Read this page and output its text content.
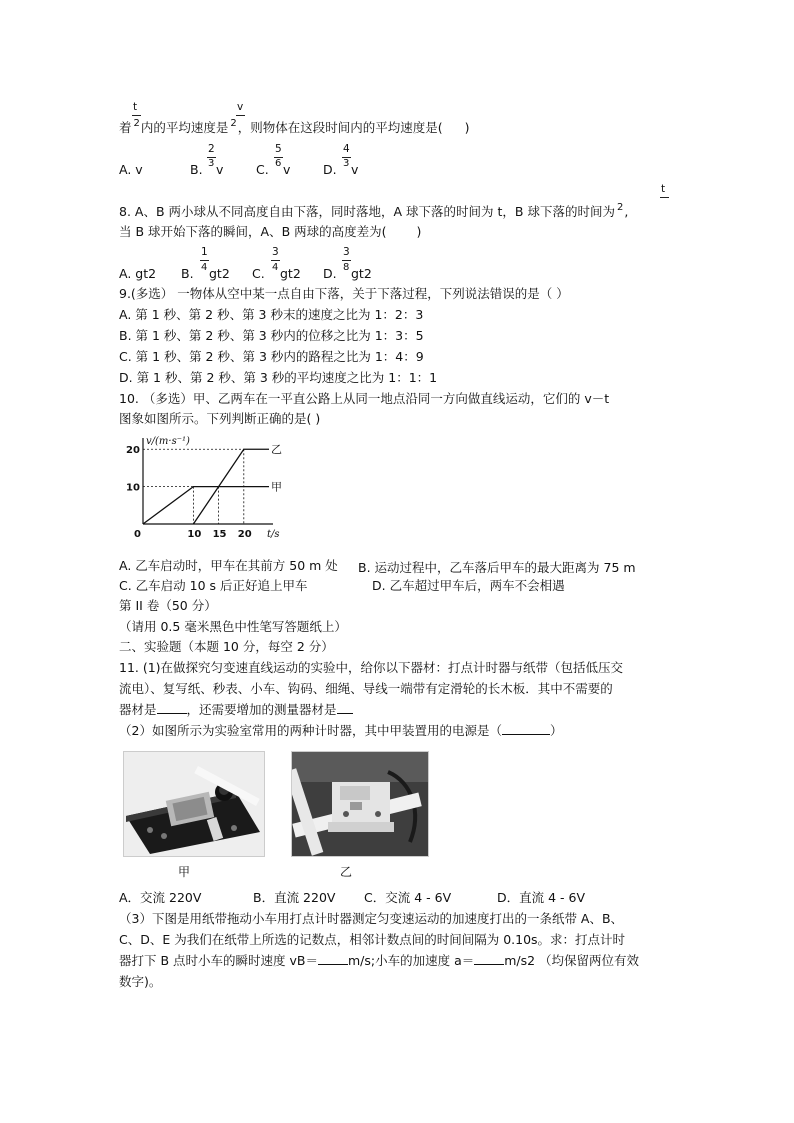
t	v
着 $^2$内的平均速度是 $^2$，则物体在这段时间内的平均速度是( )
2	5	4
A. v	B. 3 v	C. 6 v	D. 3 v
t
8. A、B 两小球从不同高度自由下落，同时落地，A 球下落的时间为 t，B 球下落的时间为 $^2$,
当 B 球开始下落的瞬间，A、B 两球的高度差为( )
1	3	3
A. gt2 B. 4 gt2 C. 4 gt2 D. 8 gt2
9.(多选） 一物体从空中某一点自由下落，关于下落过程，下列说法错误的是（ ）
A. 第 1 秒、第 2 秒、第 3 秒末的速度之比为 1：2：3
B. 第 1 秒、第 2 秒、第 3 秒内的位移之比为 1：3：5
C. 第 1 秒、第 2 秒、第 3 秒内的路程之比为 1：4：9
D. 第 1 秒、第 2 秒、第 3 秒的平均速度之比为 1：1：1
10. （多选）甲、乙两车在一平直公路上从同一地点沿同一方向做直线运动，它们的 v－t
图象如图所示。下列判断正确的是( )
v/(m·s⁻¹)
t/s
0	10 15 20
10
20
甲
乙
A. 乙车启动时，甲车在其前方 50 m 处 B. 运动过程中，乙车落后甲车的最大距离为 75 m
C. 乙车启动 10 s 后正好追上甲车	D. 乙车超过甲车后，两车不会相遇
第 II 卷（50 分）
（请用 0.5 毫米黑色中性笔写答题纸上）
二、实验题（本题 10 分，每空 2 分）
11. (1)在做探究匀变速直线运动的实验中，给你以下器材：打点计时器与纸带（包括低压交
流电）、复写纸、秒表、小车、钩码、细绳、导线一端带有定滑轮的长木板．其中不需要的
器材是 ，还需要增加的测量器材是
（2）如图所示为实验室常用的两种计时器，其中甲装置用的电源是（	）
甲	乙
A．交流 220V	B．直流 220V C．交流 4 - 6V	D．直流 4 - 6V
（3）下图是用纸带拖动小车用打点计时器测定匀变速运动的加速度打出的一条纸带 A、B、
C、D、E 为我们在纸带上所选的记数点，相邻计数点间的时间间隔为 0.10s。求：打点计时
器打下 B 点时小车的瞬时速度 vB＝ m/s;小车的加速度 a＝ m/s2 （均保留两位有效
数字)。
